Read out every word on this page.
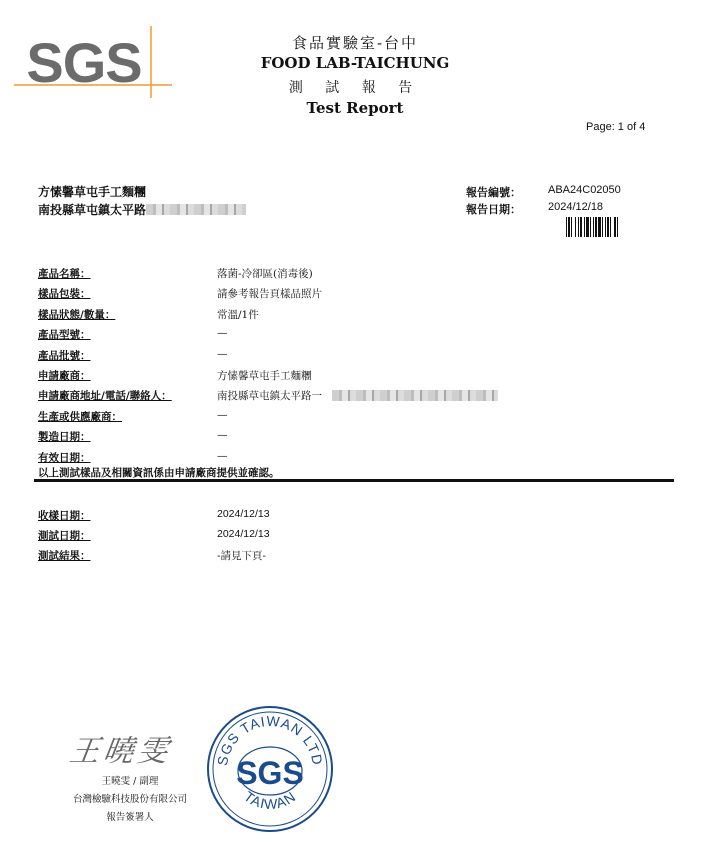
SGS	食品實驗室-台中
FOOD LAB-TAICHUNG
測 試 報 告
Test Report
Page: 1 of 4
方愫馨草屯手工麵糰
南投縣草屯鎮太平路
報告編號： ABA24C02050
報告日期： 2024/12/18
產品名稱：	落菌-冷卻區(消毒後)
樣品包裝：	請參考報告頁樣品照片
樣品狀態/數量：	常溫/1件
產品型號：	—
產品批號：	—
申請廠商：	方愫馨草屯手工麵糰
申請廠商地址/電話/聯絡人：	南投縣草屯鎮太平路一
生產或供應廠商：	—
製造日期：	—
有效日期：	—
以上測試樣品及相關資訊係由申請廠商提供並確認。
收樣日期：	2024/12/13
測試日期：	2024/12/13
測試結果：	-請見下頁-
王曉雯
王曉雯 / 副理
台灣檢驗科技股份有限公司
報告簽署人
SGS TAIWAN LTD
SGS
TAIWAN
